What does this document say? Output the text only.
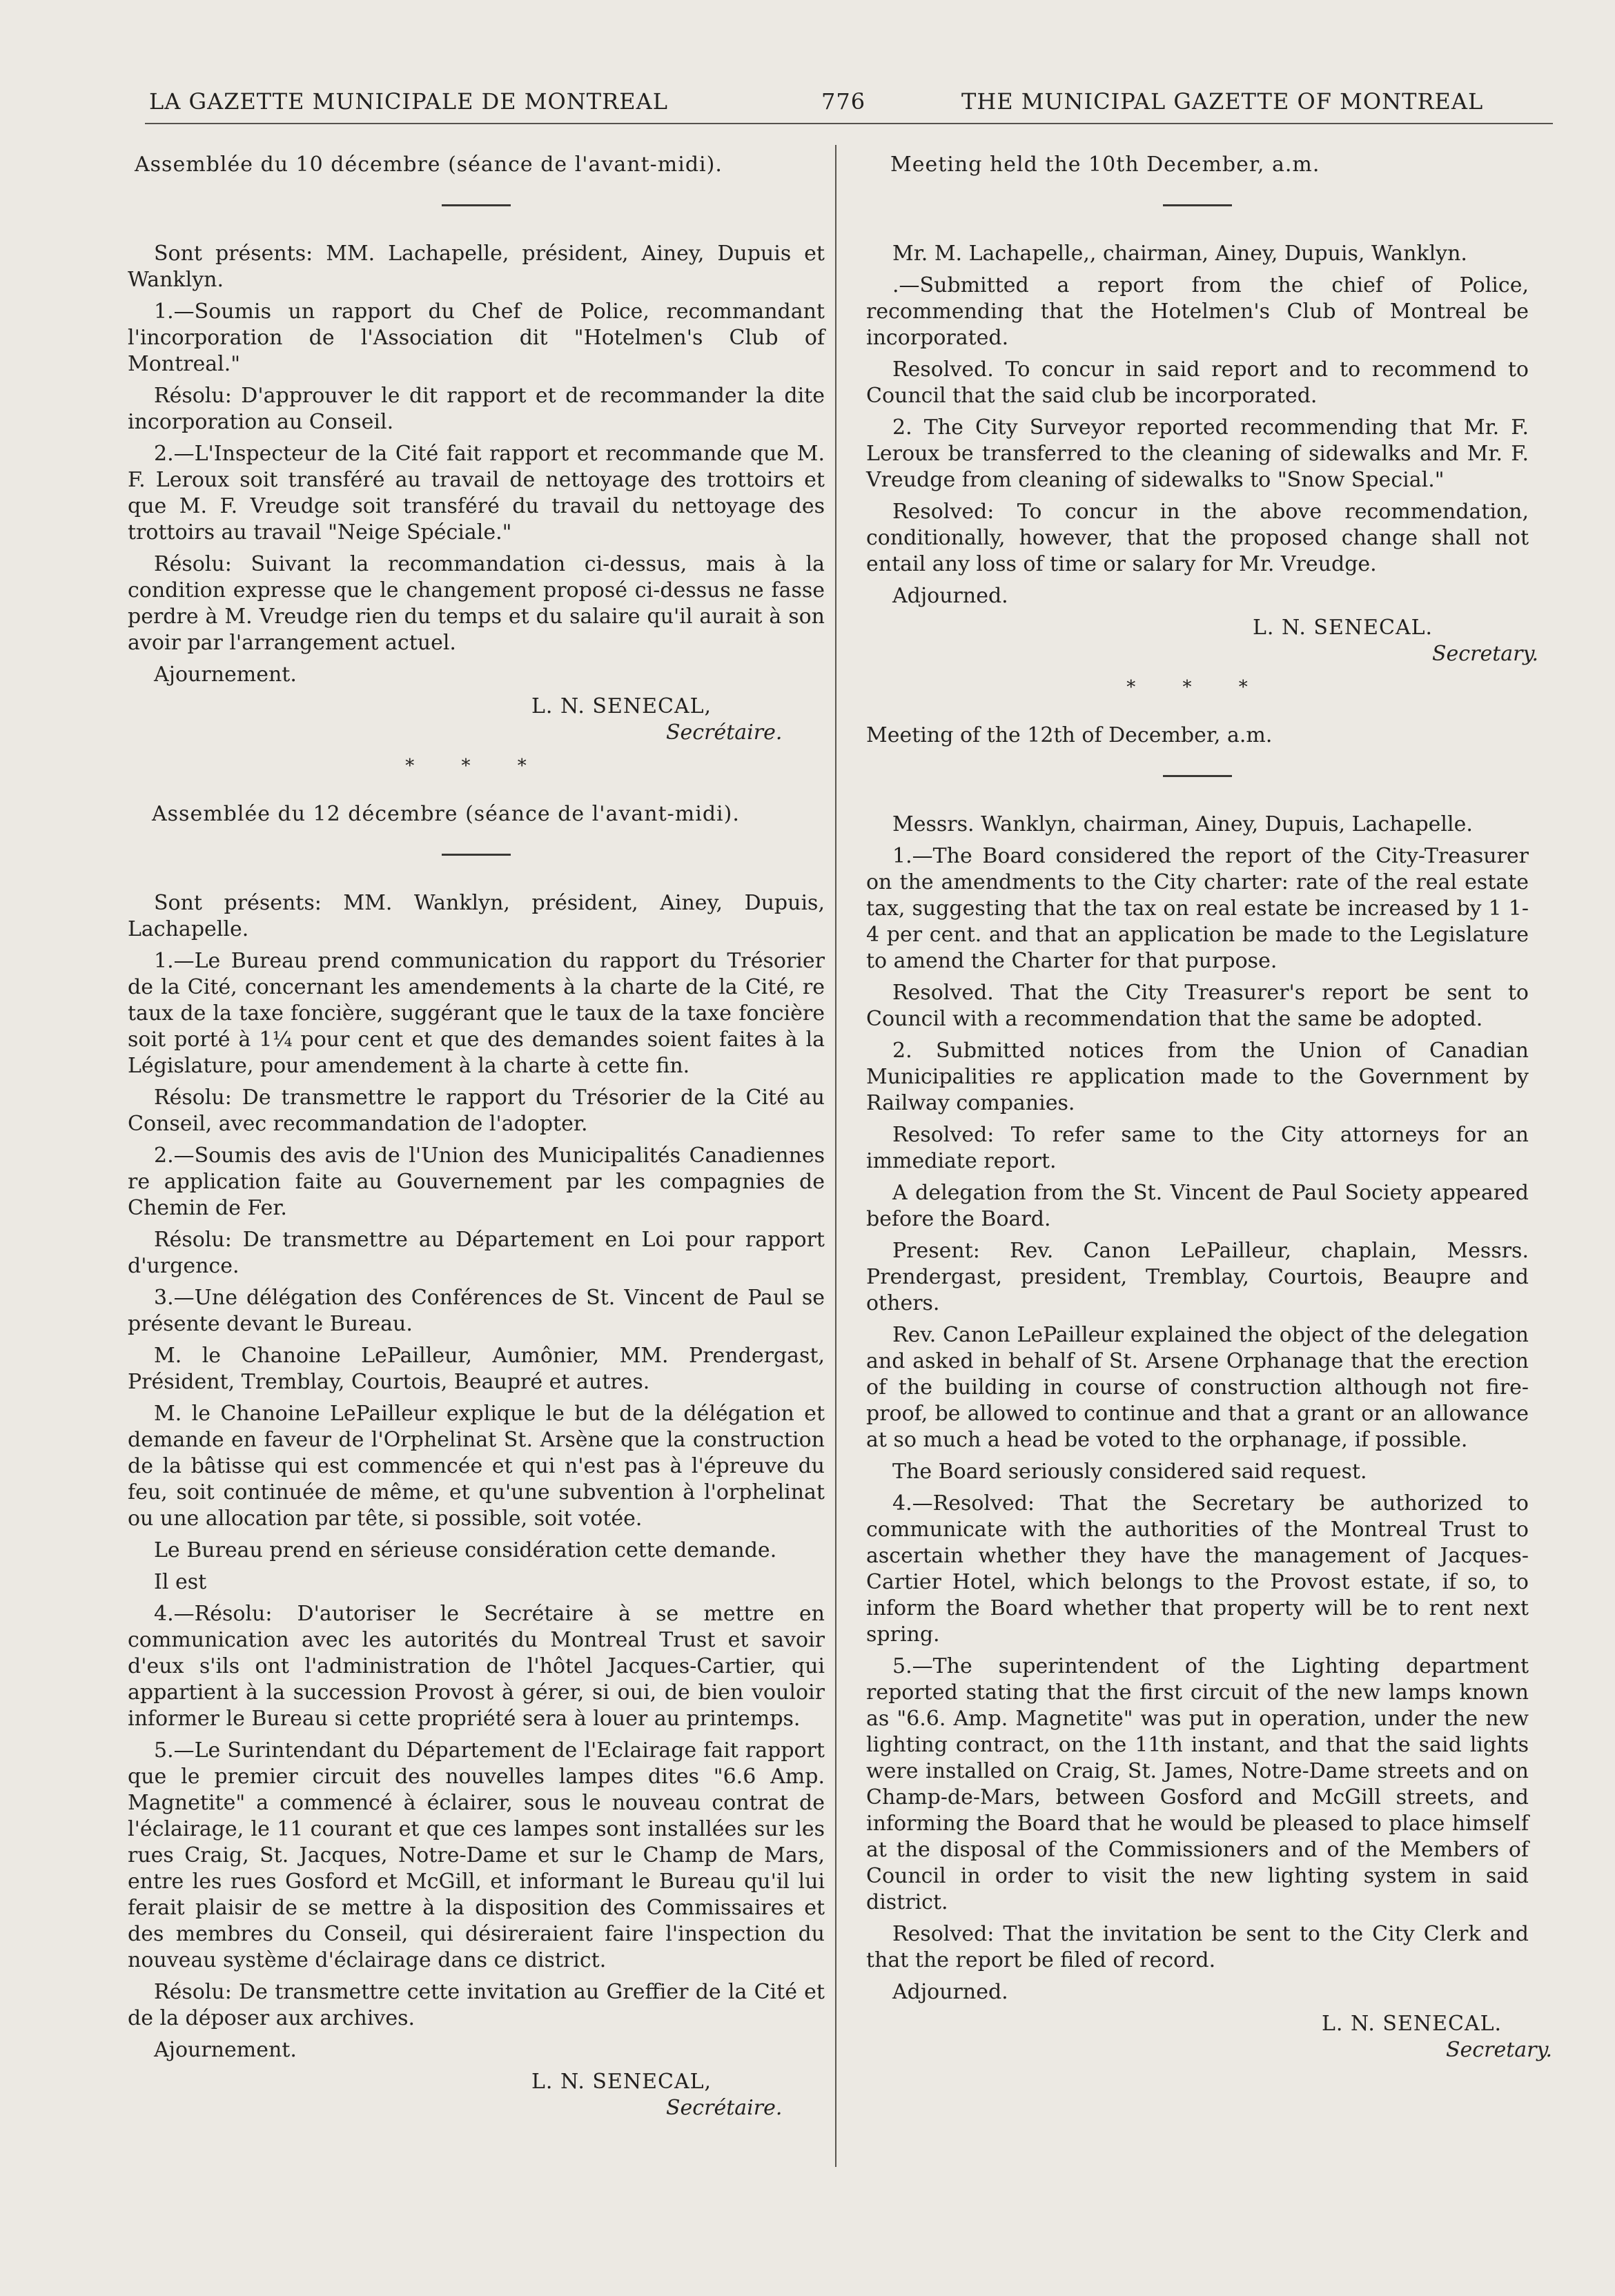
LA GAZETTE MUNICIPALE DE MONTREAL	776	THE MUNICIPAL GAZETTE OF MONTREAL

Assemblée du 10 décembre (séance de l'avant-midi).

Sont présents: MM. Lachapelle, président, Ainey, Dupuis et Wanklyn.

1.—Soumis un rapport du Chef de Police, recommandant l'incorporation de l'Association dit "Hotelmen's Club of Montreal."

Résolu: D'approuver le dit rapport et de recommander la dite incorporation au Conseil.

2.—L'Inspecteur de la Cité fait rapport et recommande que M. F. Leroux soit transféré au travail de nettoyage des trottoirs et que M. F. Vreudge soit transféré du travail du nettoyage des trottoirs au travail "Neige Spéciale."

Résolu: Suivant la recommandation ci-dessus, mais à la condition expresse que le changement proposé ci-dessus ne fasse perdre à M. Vreudge rien du temps et du salaire qu'il aurait à son avoir par l'arrangement actuel.

Ajournement.

L. N. SENECAL,
Secrétaire.
* * *

Assemblée du 12 décembre (séance de l'avant-midi).

Sont présents: MM. Wanklyn, président, Ainey, Dupuis, Lachapelle.

1.—Le Bureau prend communication du rapport du Trésorier de la Cité, concernant les amendements à la charte de la Cité, re taux de la taxe foncière, suggérant que le taux de la taxe foncière soit porté à 1¼ pour cent et que des demandes soient faites à la Législature, pour amendement à la charte à cette fin.

Résolu: De transmettre le rapport du Trésorier de la Cité au Conseil, avec recommandation de l'adopter.

2.—Soumis des avis de l'Union des Municipalités Canadiennes re application faite au Gouvernement par les compagnies de Chemin de Fer.

Résolu: De transmettre au Département en Loi pour rapport d'urgence.

3.—Une délégation des Conférences de St. Vincent de Paul se présente devant le Bureau.

M. le Chanoine LePailleur, Aumônier, MM. Prendergast, Président, Tremblay, Courtois, Beaupré et autres.

M. le Chanoine LePailleur explique le but de la délégation et demande en faveur de l'Orphelinat St. Arsène que la construction de la bâtisse qui est commencée et qui n'est pas à l'épreuve du feu, soit continuée de même, et qu'une subvention à l'orphelinat ou une allocation par tête, si possible, soit votée.

Le Bureau prend en sérieuse considération cette demande.

Il est

4.—Résolu: D'autoriser le Secrétaire à se mettre en communication avec les autorités du Montreal Trust et savoir d'eux s'ils ont l'administration de l'hôtel Jacques-Cartier, qui appartient à la succession Provost à gérer, si oui, de bien vouloir informer le Bureau si cette propriété sera à louer au printemps.

5.—Le Surintendant du Département de l'Eclairage fait rapport que le premier circuit des nouvelles lampes dites "6.6 Amp. Magnetite" a commencé à éclairer, sous le nouveau contrat de l'éclairage, le 11 courant et que ces lampes sont installées sur les rues Craig, St. Jacques, Notre-Dame et sur le Champ de Mars, entre les rues Gosford et McGill, et informant le Bureau qu'il lui ferait plaisir de se mettre à la disposition des Commissaires et des membres du Conseil, qui désireraient faire l'inspection du nouveau système d'éclairage dans ce district.

Résolu: De transmettre cette invitation au Greffier de la Cité et de la déposer aux archives.

Ajournement.

L. N. SENECAL,
Secrétaire.

Meeting held the 10th December, a.m.

Mr. M. Lachapelle,, chairman, Ainey, Dupuis, Wanklyn.

.—Submitted a report from the chief of Police, recommending that the Hotelmen's Club of Montreal be incorporated.

Resolved. To concur in said report and to recommend to Council that the said club be incorporated.

2. The City Surveyor reported recommending that Mr. F. Leroux be transferred to the cleaning of sidewalks and Mr. F. Vreudge from cleaning of sidewalks to "Snow Special."

Resolved: To concur in the above recommendation, conditionally, however, that the proposed change shall not entail any loss of time or salary for Mr. Vreudge.

Adjourned.

L. N. SENECAL.
Secretary.
* * *

Meeting of the 12th of December, a.m.

Messrs. Wanklyn, chairman, Ainey, Dupuis, Lachapelle.

1.—The Board considered the report of the City-Treasurer on the amendments to the City charter: rate of the real estate tax, suggesting that the tax on real estate be increased by 1 1-4 per cent. and that an application be made to the Legislature to amend the Charter for that purpose.

Resolved. That the City Treasurer's report be sent to Council with a recommendation that the same be adopted.

2. Submitted notices from the Union of Canadian Municipalities re application made to the Government by Railway companies.

Resolved: To refer same to the City attorneys for an immediate report.

A delegation from the St. Vincent de Paul Society appeared before the Board.

Present: Rev. Canon LePailleur, chaplain, Messrs. Prendergast, president, Tremblay, Courtois, Beaupre and others.

Rev. Canon LePailleur explained the object of the delegation and asked in behalf of St. Arsene Orphanage that the erection of the building in course of construction although not fire-proof, be allowed to continue and that a grant or an allowance at so much a head be voted to the orphanage, if possible.

The Board seriously considered said request.

4.—Resolved: That the Secretary be authorized to communicate with the authorities of the Montreal Trust to ascertain whether they have the management of Jacques-Cartier Hotel, which belongs to the Provost estate, if so, to inform the Board whether that property will be to rent next spring.

5.—The superintendent of the Lighting department reported stating that the first circuit of the new lamps known as "6.6. Amp. Magnetite" was put in operation, under the new lighting contract, on the 11th instant, and that the said lights were installed on Craig, St. James, Notre-Dame streets and on Champ-de-Mars, between Gosford and McGill streets, and informing the Board that he would be pleased to place himself at the disposal of the Commissioners and of the Members of Council in order to visit the new lighting system in said district.

Resolved: That the invitation be sent to the City Clerk and that the report be filed of record.

Adjourned.

L. N. SENECAL.
Secretary.
